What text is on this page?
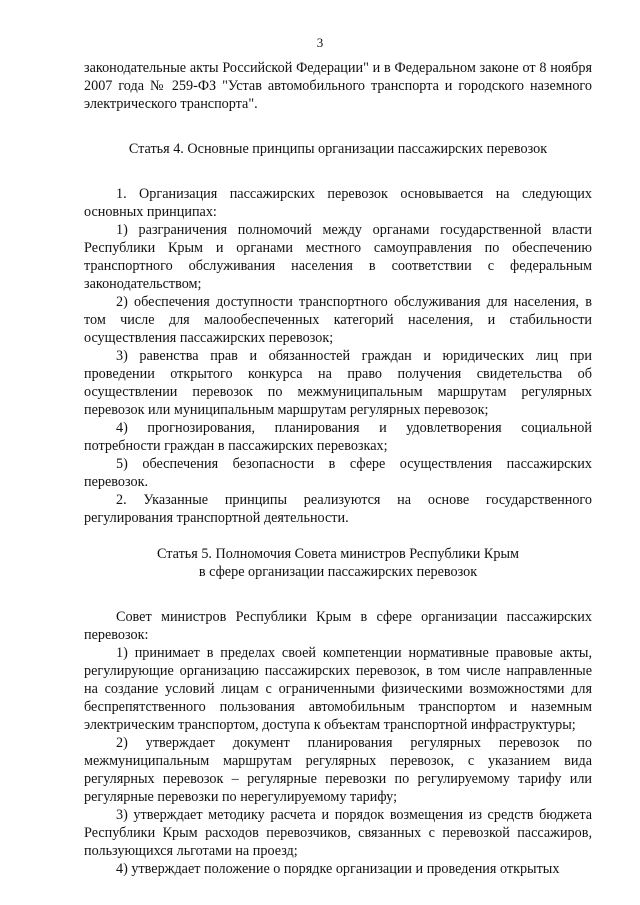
3

законодательные акты Российской Федерации" и в Федеральном законе от 8 ноября 2007 года № 259-ФЗ "Устав автомобильного транспорта и городского наземного электрического транспорта".

Статья 4. Основные принципы организации пассажирских перевозок

1. Организация пассажирских перевозок основывается на следующих основных принципах:

1) разграничения полномочий между органами государственной власти Республики Крым и органами местного самоуправления по обеспечению транспортного обслуживания населения в соответствии с федеральным законодательством;

2) обеспечения доступности транспортного обслуживания для населения, в том числе для малообеспеченных категорий населения, и стабильности осуществления пассажирских перевозок;

3) равенства прав и обязанностей граждан и юридических лиц при проведении открытого конкурса на право получения свидетельства об осуществлении перевозок по межмуниципальным маршрутам регулярных перевозок или муниципальным маршрутам регулярных перевозок;

4) прогнозирования, планирования и удовлетворения социальной потребности граждан в пассажирских перевозках;

5) обеспечения безопасности в сфере осуществления пассажирских перевозок.

2. Указанные принципы реализуются на основе государственного регулирования транспортной деятельности.

Статья 5. Полномочия Совета министров Республики Крым

в сфере организации пассажирских перевозок

Совет министров Республики Крым в сфере организации пассажирских перевозок:

1) принимает в пределах своей компетенции нормативные правовые акты, регулирующие организацию пассажирских перевозок, в том числе направленные на создание условий лицам с ограниченными физическими возможностями для беспрепятственного пользования автомобильным транспортом и наземным электрическим транспортом, доступа к объектам транспортной инфраструктуры;

2) утверждает документ планирования регулярных перевозок по межмуниципальным маршрутам регулярных перевозок, с указанием вида регулярных перевозок – регулярные перевозки по регулируемому тарифу или регулярные перевозки по нерегулируемому тарифу;

3) утверждает методику расчета и порядок возмещения из средств бюджета Республики Крым расходов перевозчиков, связанных с перевозкой пассажиров, пользующихся льготами на проезд;

4) утверждает положение о порядке организации и проведения открытых
